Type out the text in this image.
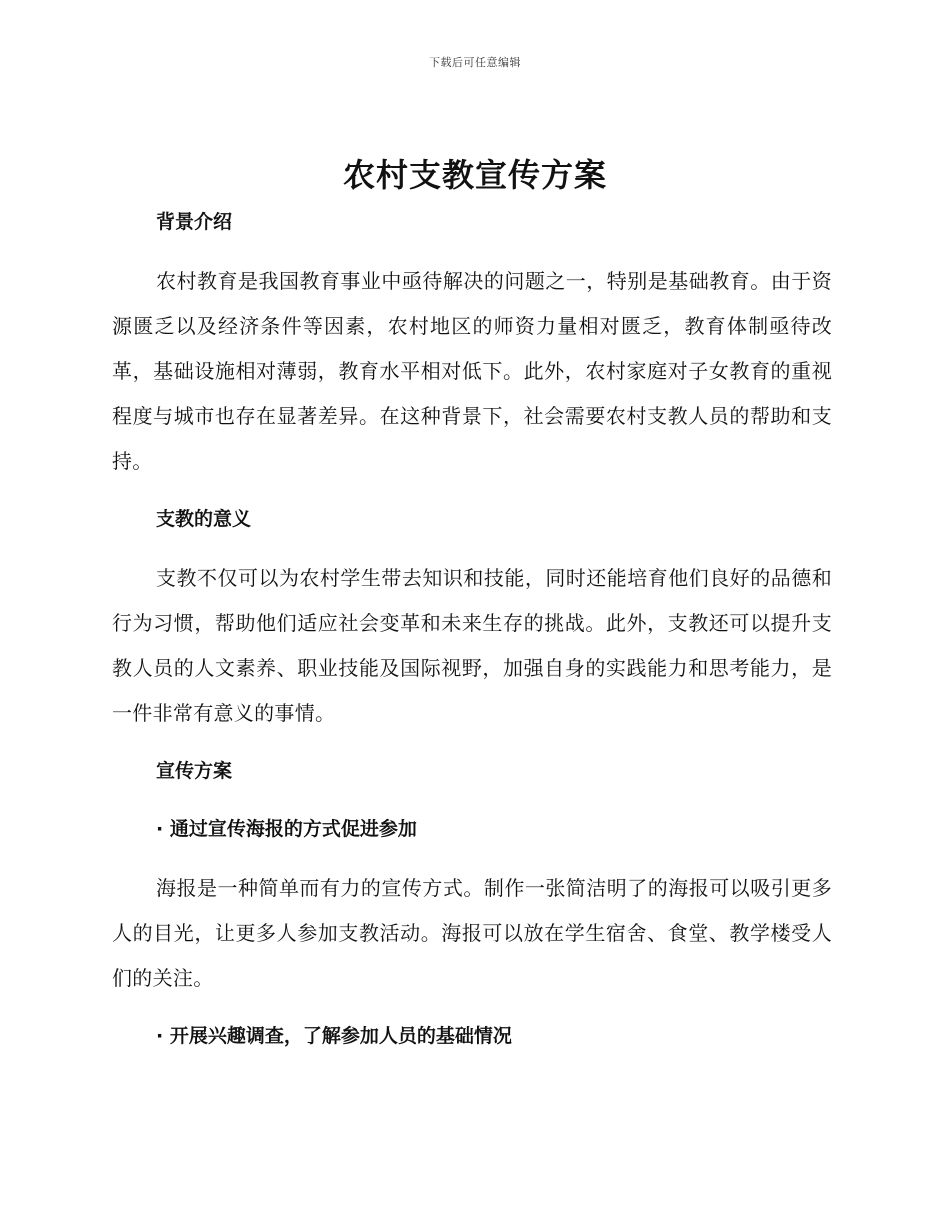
下载后可任意编辑
农村支教宣传方案
背景介绍

农村教育是我国教育事业中亟待解决的问题之一，特别是基础教育。由于资源匮乏以及经济条件等因素，农村地区的师资力量相对匮乏，教育体制亟待改革，基础设施相对薄弱，教育水平相对低下。此外，农村家庭对子女教育的重视程度与城市也存在显著差异。在这种背景下，社会需要农村支教人员的帮助和支持。

支教的意义

支教不仅可以为农村学生带去知识和技能，同时还能培育他们良好的品德和行为习惯，帮助他们适应社会变革和未来生存的挑战。此外，支教还可以提升支教人员的人文素养、职业技能及国际视野，加强自身的实践能力和思考能力，是一件非常有意义的事情。

宣传方案
· 通过宣传海报的方式促进参加

海报是一种简单而有力的宣传方式。制作一张简洁明了的海报可以吸引更多人的目光，让更多人参加支教活动。海报可以放在学生宿舍、食堂、教学楼受人们的关注。

· 开展兴趣调查，了解参加人员的基础情况
